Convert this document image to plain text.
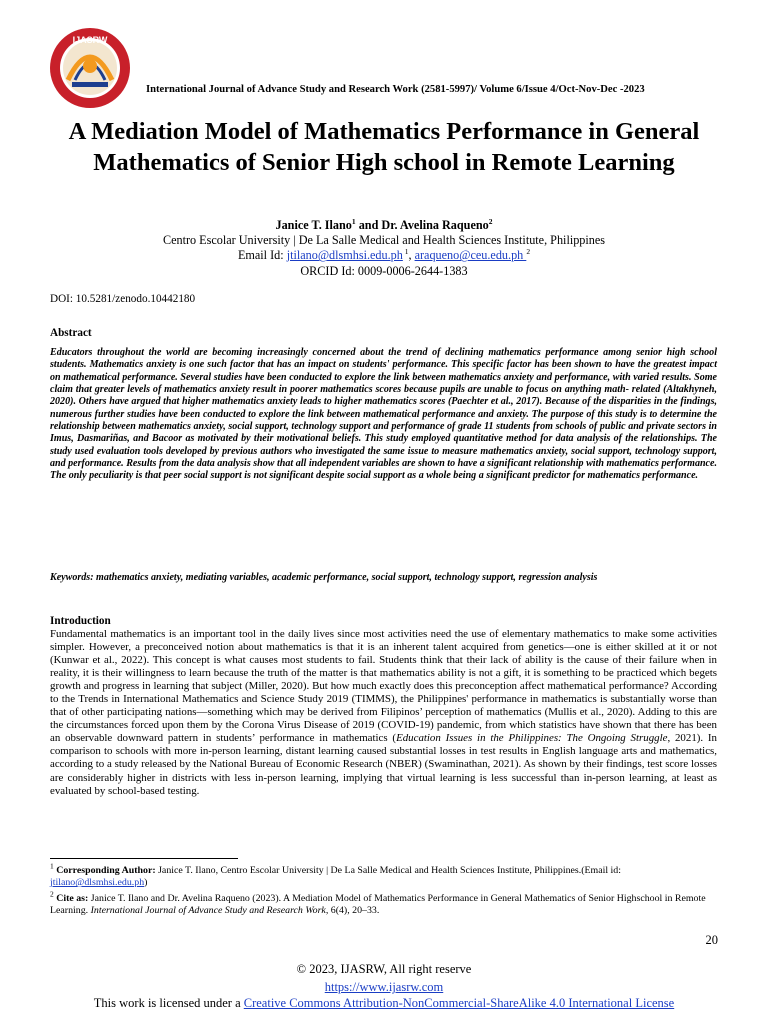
IJASRW
International Journal of Advance Study and Research Work (2581-5997)/ Volume 6/Issue 4/Oct-Nov-Dec -2023
A Mediation Model of Mathematics Performance in General Mathematics of Senior High school in Remote Learning
Janice T. Ilano$^1$ and Dr. Avelina Raqueno$^2$
Centro Escolar University | De La Salle Medical and Health Sciences Institute, Philippines
Email Id: jtilano@dlsmhsi.edu.ph $^1$, araqueno@ceu.edu.ph $^2$
ORCID Id: 0009-0006-2644-1383
DOI: 10.5281/zenodo.10442180
Abstract

Educators throughout the world are becoming increasingly concerned about the trend of declining mathematics performance among senior high school students. Mathematics anxiety is one such factor that has an impact on students' performance. This specific factor has been shown to have the greatest impact on mathematical performance. Several studies have been conducted to explore the link between mathematics anxiety and performance, with varied results. Some claim that greater levels of mathematics anxiety result in poorer mathematics scores because pupils are unable to focus on anything math- related (Altakhyneh, 2020). Others have argued that higher mathematics anxiety leads to higher mathematics scores (Paechter et al., 2017). Because of the disparities in the findings, numerous further studies have been conducted to explore the link between mathematical performance and anxiety. The purpose of this study is to determine the relationship between mathematics anxiety, social support, technology support and performance of grade 11 students from schools of public and private sectors in Imus, Dasmariñas, and Bacoor as motivated by their motivational beliefs. This study employed quantitative method for data analysis of the relationships. The study used evaluation tools developed by previous authors who investigated the same issue to measure mathematics anxiety, social support, technology support, and performance. Results from the data analysis show that all independent variables are shown to have a significant relationship with mathematics performance. The only peculiarity is that peer social support is not significant despite social support as a whole being a significant predictor for mathematics performance.

Keywords: mathematics anxiety, mediating variables, academic performance, social support, technology support, regression analysis

Introduction

Fundamental mathematics is an important tool in the daily lives since most activities need the use of elementary mathematics to make some activities simpler. However, a preconceived notion about mathematics is that it is an inherent talent acquired from genetics—one is either skilled at it or not (Kunwar et al., 2022). This concept is what causes most students to fail. Students think that their lack of ability is the cause of their failure when in reality, it is their willingness to learn because the truth of the matter is that mathematics ability is not a gift, it is something to be practiced which begets growth and progress in learning that subject (Miller, 2020). But how much exactly does this preconception affect mathematical performance? According to the Trends in International Mathematics and Science Study 2019 (TIMMS), the Philippines' performance in mathematics is substantially worse than that of other participating nations—something which may be derived from Filipinos’ perception of mathematics (Mullis et al., 2020). Adding to this are the circumstances forced upon them by the Corona Virus Disease of 2019 (COVID-19) pandemic, from which statistics have shown that there has been an observable downward pattern in students’ performance in mathematics (Education Issues in the Philippines: The Ongoing Struggle, 2021). In comparison to schools with more in-person learning, distant learning caused substantial losses in test results in English language arts and mathematics, according to a study released by the National Bureau of Economic Research (NBER) (Swaminathan, 2021). As shown by their findings, test score losses are considerably higher in districts with less in-person learning, implying that virtual learning is less successful than in-person learning, at least as evaluated by school-based testing.

$^1$ Corresponding Author: Janice T. Ilano, Centro Escolar University | De La Salle Medical and Health Sciences Institute, Philippines.(Email id: jtilano@dlsmhsi.edu.ph)

$^2$ Cite as: Janice T. Ilano and Dr. Avelina Raqueno (2023). A Mediation Model of Mathematics Performance in General Mathematics of Senior Highschool in Remote Learning. International Journal of Advance Study and Research Work, 6(4), 20–33.

20
© 2023, IJASRW, All right reserve
https://www.ijasrw.com
This work is licensed under a Creative Commons Attribution-NonCommercial-ShareAlike 4.0 International License
